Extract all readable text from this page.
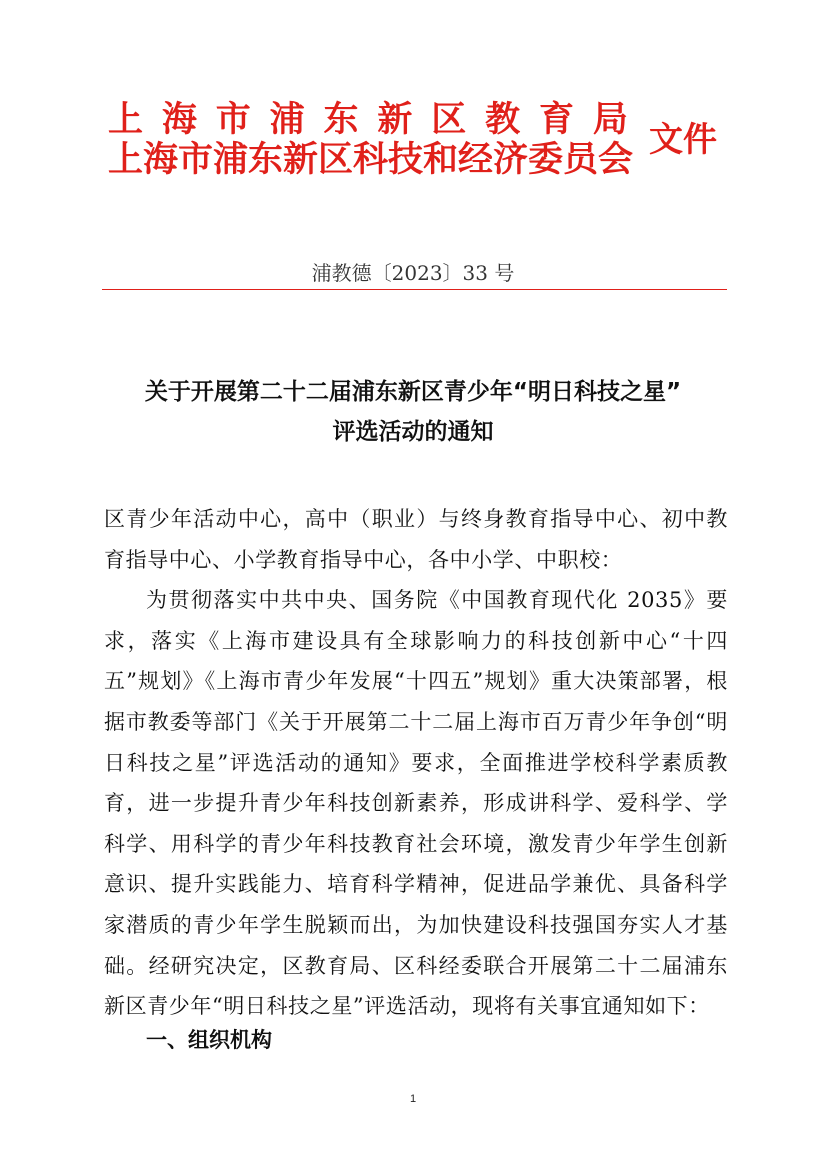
上 海 市 浦 东 新 区 教 育 局
上海市浦东新区科技和经济委员会 文件
浦教德〔2023〕33 号
关于开展第二十二届浦东新区青少年“明日科技之星”
评选活动的通知

区青少年活动中心，高中（职业）与终身教育指导中心、初中教育指导中心、小学教育指导中心，各中小学、中职校：

为贯彻落实中共中央、国务院《中国教育现代化 2035》要求，落实《上海市建设具有全球影响力的科技创新中心“十四五”规划》《上海市青少年发展“十四五”规划》重大决策部署，根据市教委等部门《关于开展第二十二届上海市百万青少年争创“明日科技之星”评选活动的通知》要求，全面推进学校科学素质教育，进一步提升青少年科技创新素养，形成讲科学、爱科学、学科学、用科学的青少年科技教育社会环境，激发青少年学生创新意识、提升实践能力、培育科学精神，促进品学兼优、具备科学家潜质的青少年学生脱颖而出，为加快建设科技强国夯实人才基础。经研究决定，区教育局、区科经委联合开展第二十二届浦东新区青少年“明日科技之星”评选活动，现将有关事宜通知如下：

一、组织机构
1
